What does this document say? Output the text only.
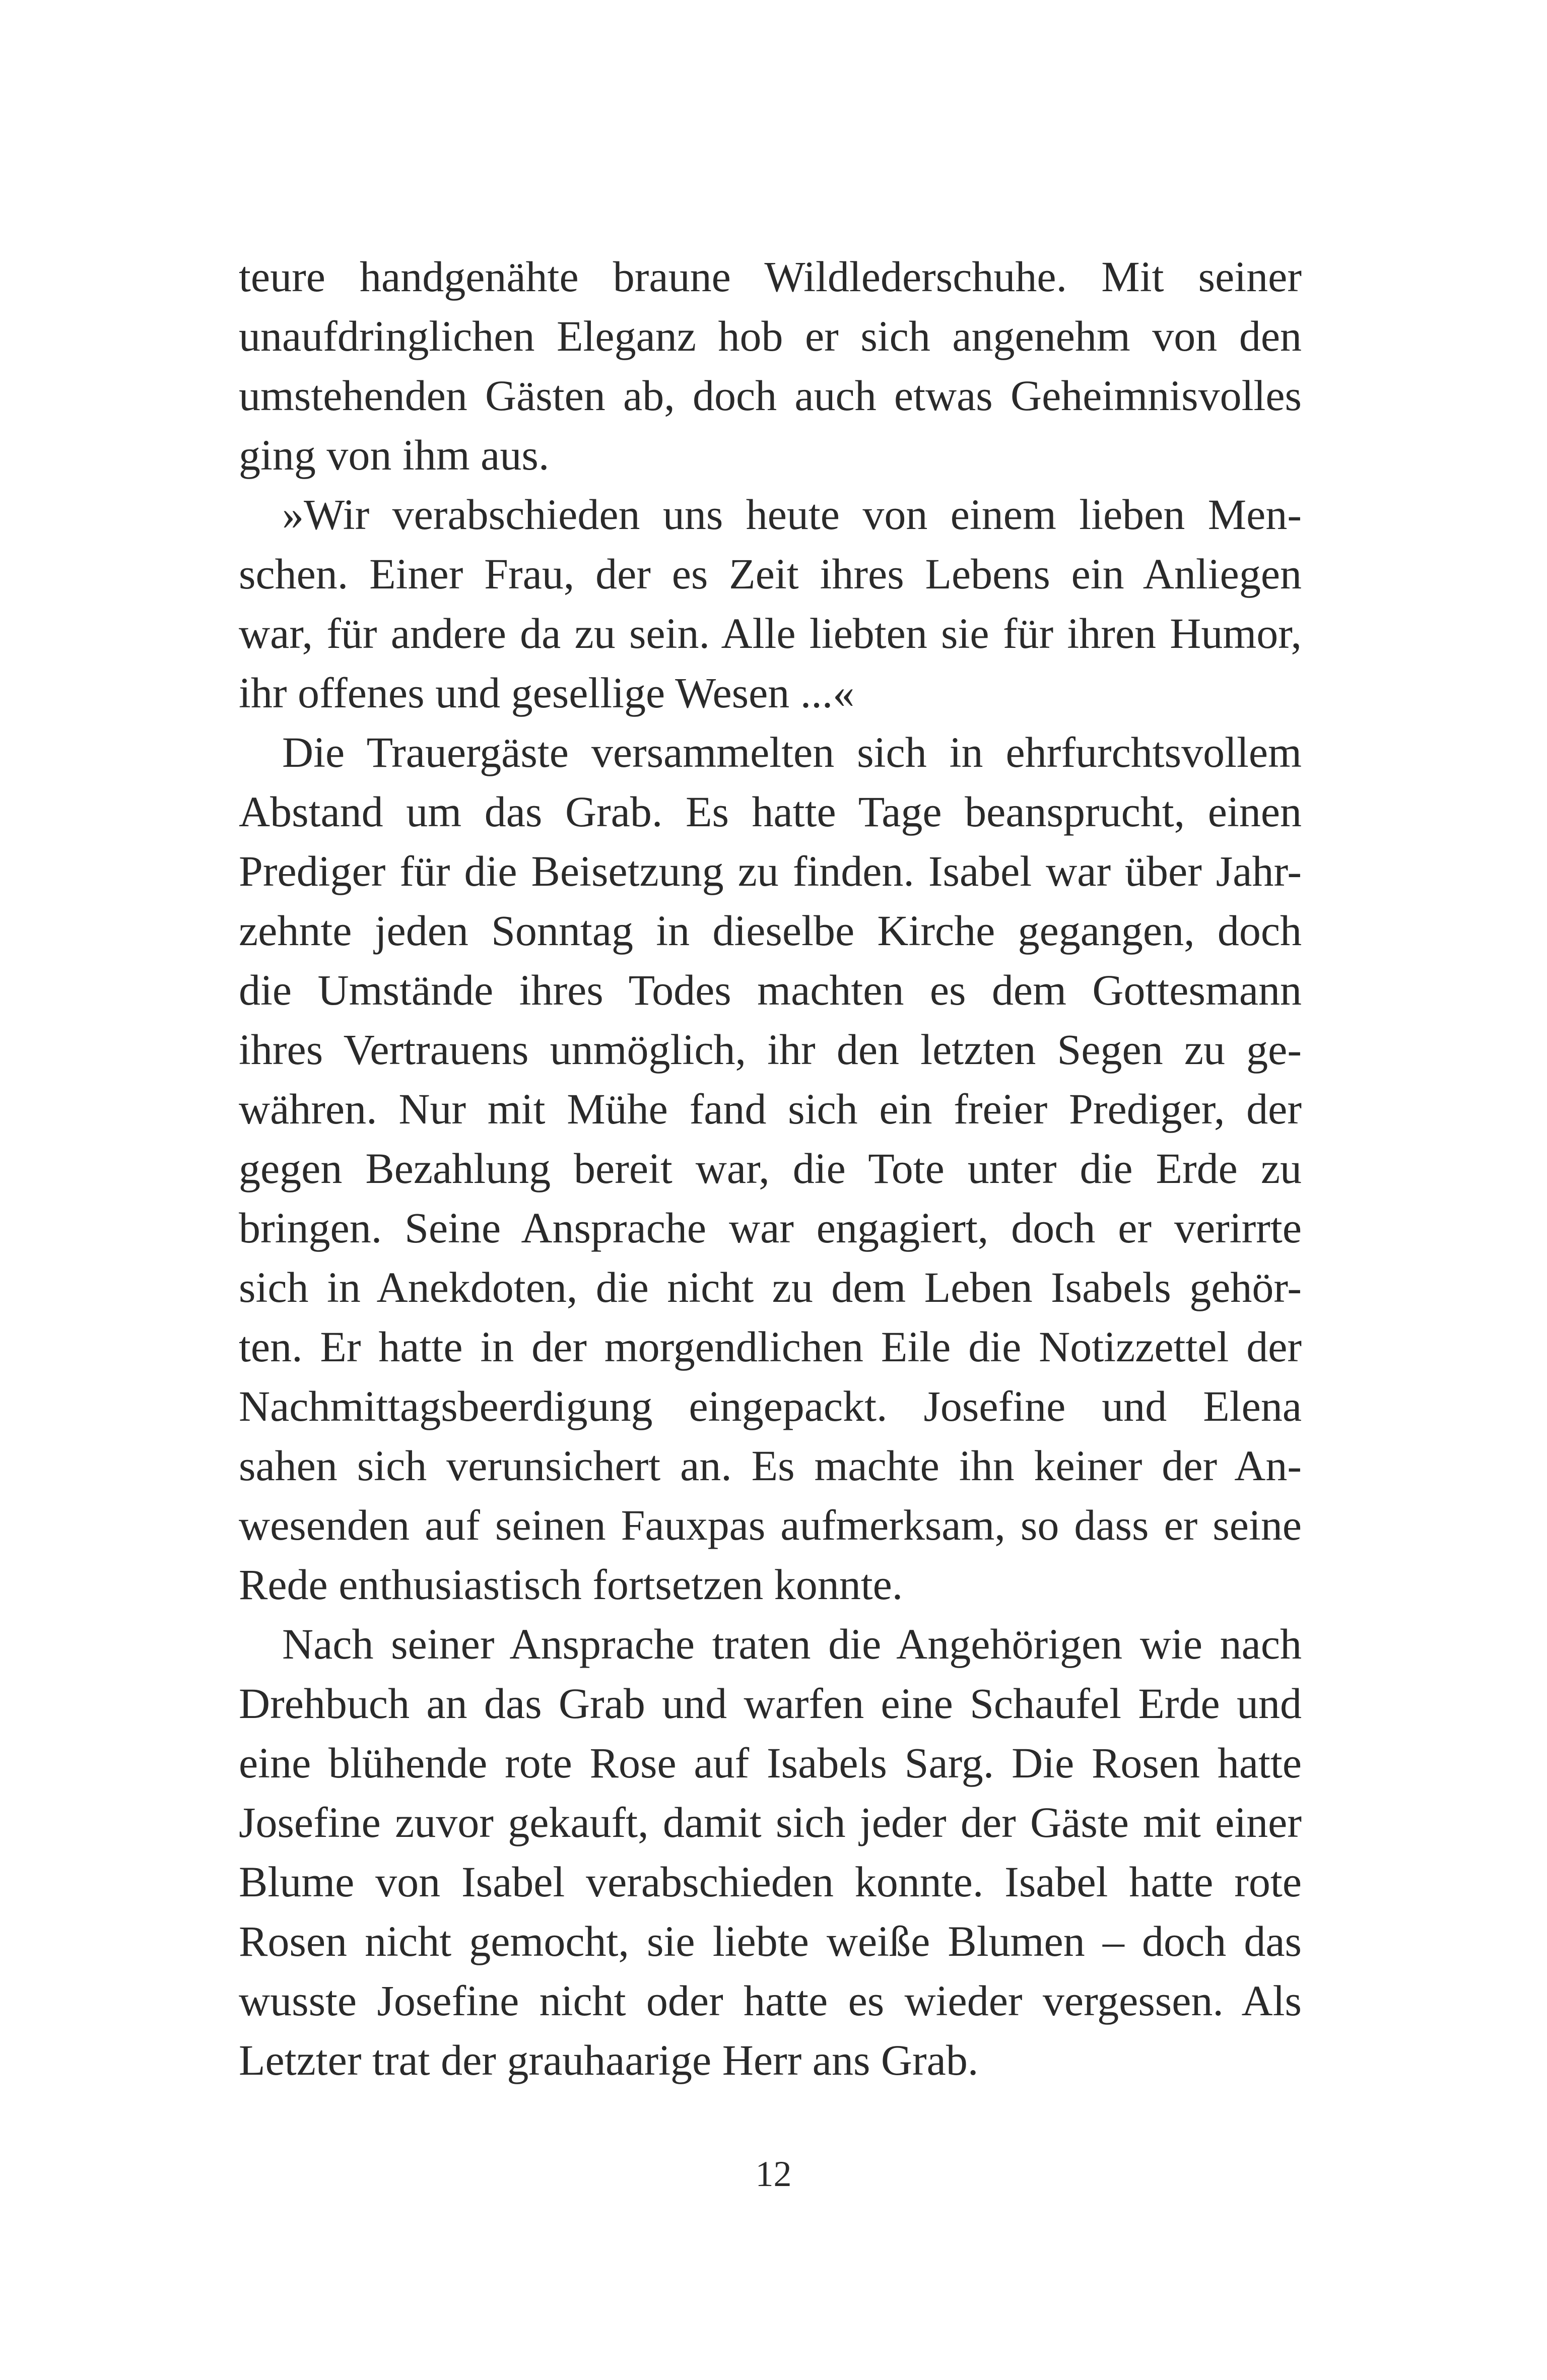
teure handgenähte braune Wildlederschuhe. Mit seiner
unaufdringlichen Eleganz hob er sich angenehm von den
umstehenden Gästen ab, doch auch etwas Geheimnisvolles
ging von ihm aus.
»Wir verabschieden uns heute von einem lieben Men-
schen. Einer Frau, der es Zeit ihres Lebens ein Anliegen
war, für andere da zu sein. Alle liebten sie für ihren Humor,
ihr offenes und gesellige Wesen ...«
Die Trauergäste versammelten sich in ehrfurchtsvollem
Abstand um das Grab. Es hatte Tage beansprucht, einen
Prediger für die Beisetzung zu finden. Isabel war über Jahr-
zehnte jeden Sonntag in dieselbe Kirche gegangen, doch
die Umstände ihres Todes machten es dem Gottesmann
ihres Vertrauens unmöglich, ihr den letzten Segen zu ge-
währen. Nur mit Mühe fand sich ein freier Prediger, der
gegen Bezahlung bereit war, die Tote unter die Erde zu
bringen. Seine Ansprache war engagiert, doch er verirrte
sich in Anekdoten, die nicht zu dem Leben Isabels gehör-
ten. Er hatte in der morgendlichen Eile die Notizzettel der
Nachmittagsbeerdigung eingepackt. Josefine und Elena
sahen sich verunsichert an. Es machte ihn keiner der An-
wesenden auf seinen Fauxpas aufmerksam, so dass er seine
Rede enthusiastisch fortsetzen konnte.
Nach seiner Ansprache traten die Angehörigen wie nach
Drehbuch an das Grab und warfen eine Schaufel Erde und
eine blühende rote Rose auf Isabels Sarg. Die Rosen hatte
Josefine zuvor gekauft, damit sich jeder der Gäste mit einer
Blume von Isabel verabschieden konnte. Isabel hatte rote
Rosen nicht gemocht, sie liebte weiße Blumen – doch das
wusste Josefine nicht oder hatte es wieder vergessen. Als
Letzter trat der grauhaarige Herr ans Grab.
12
